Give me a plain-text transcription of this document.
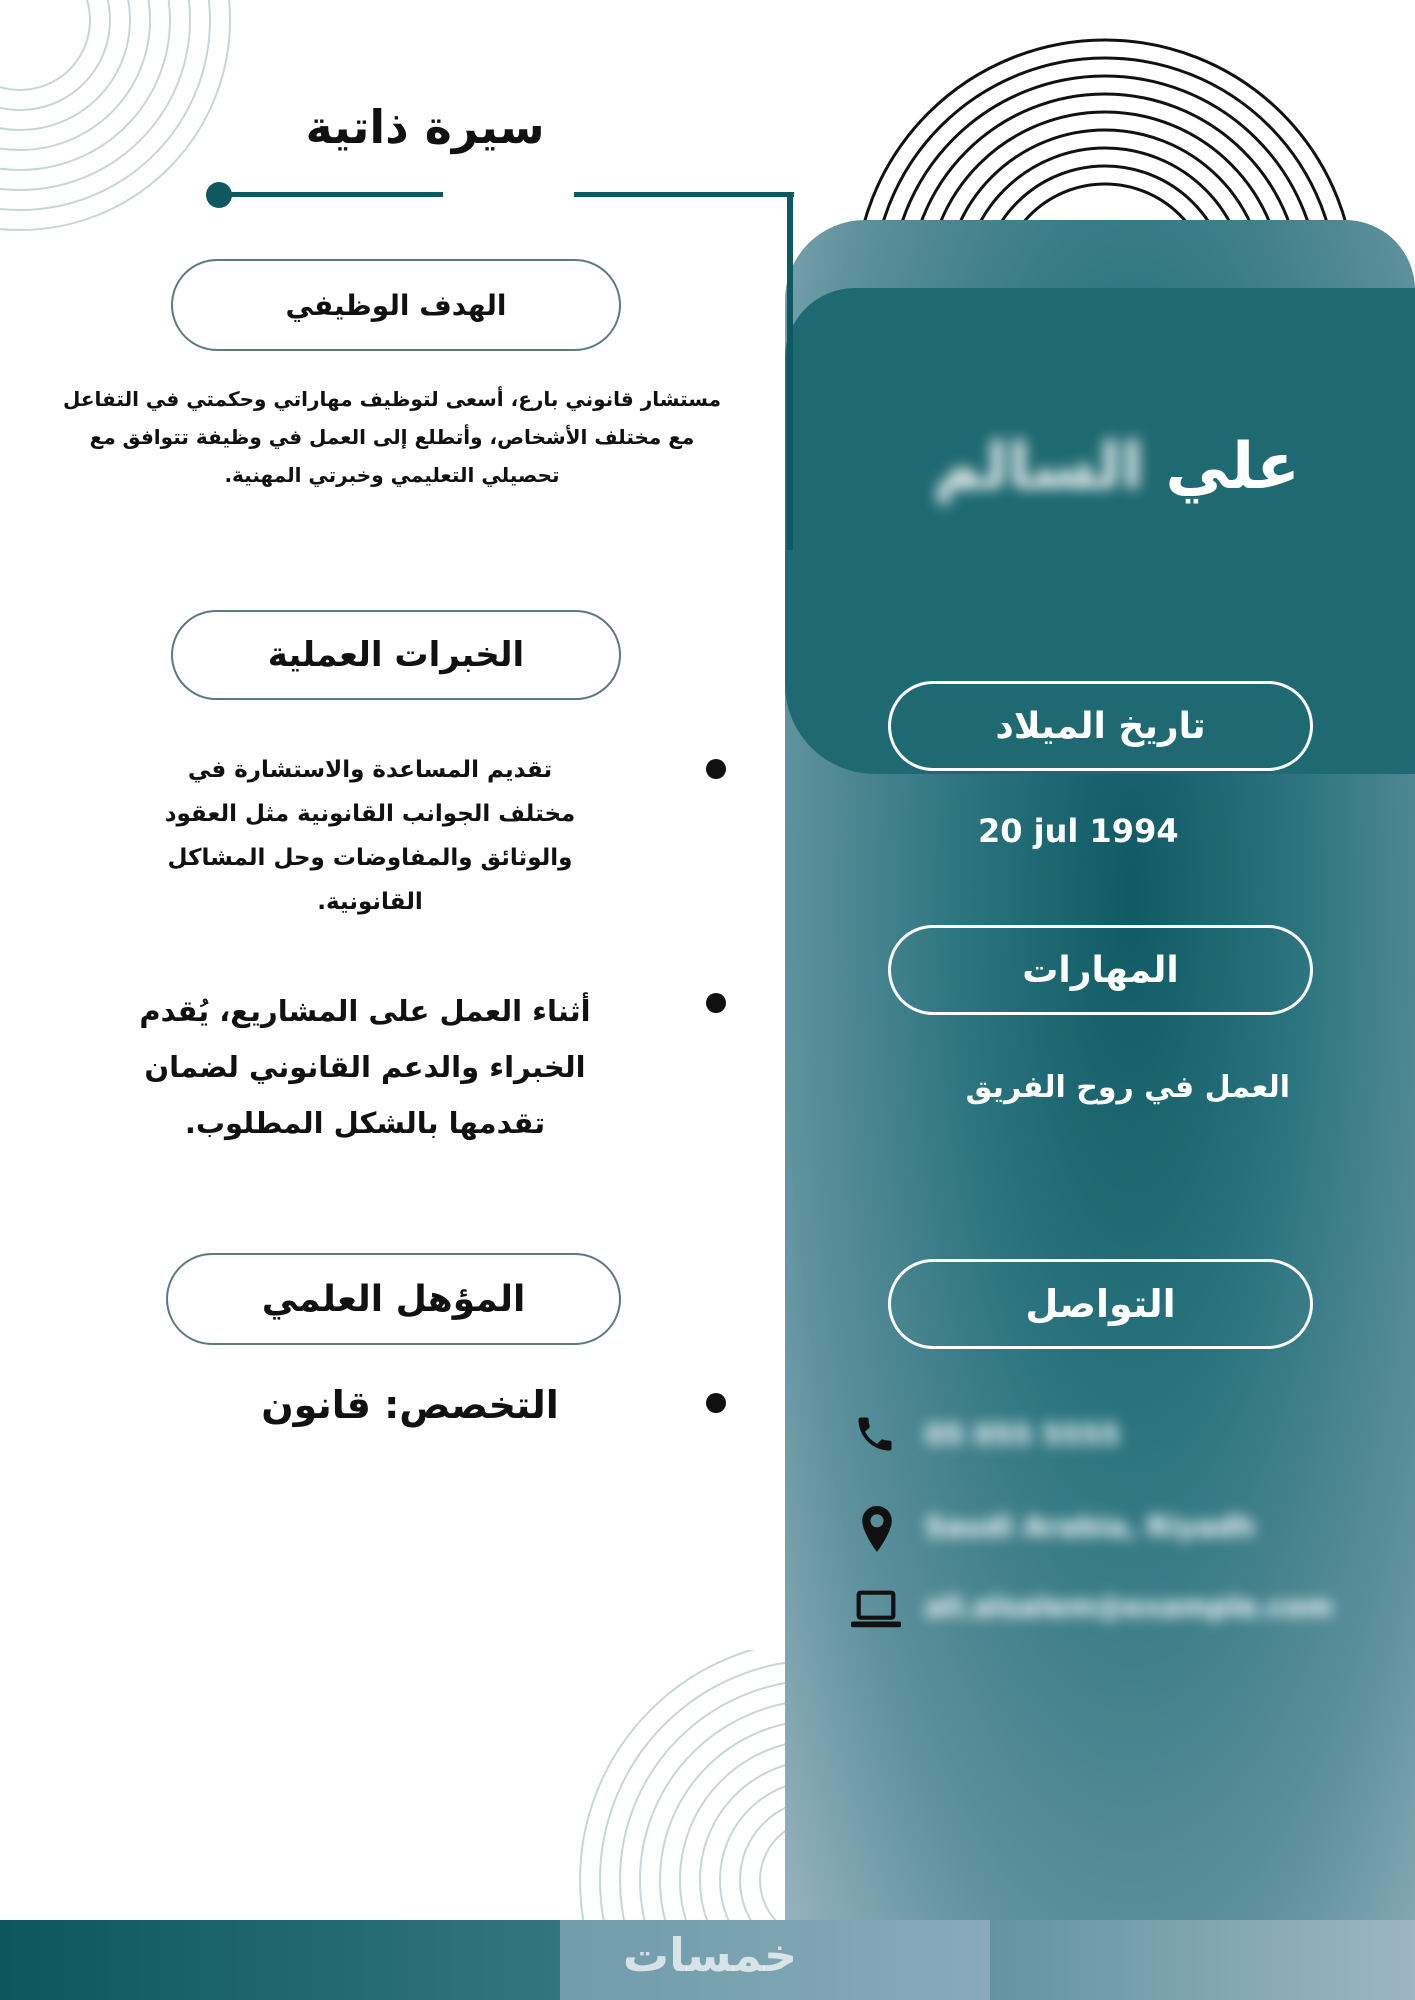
سيرة ذاتية
الهدف الوظيفي
مستشار قانوني بارع، أسعى لتوظيف مهاراتي وحكمتي في التفاعل مع مختلف الأشخاص، وأتطلع إلى العمل في وظيفة تتوافق مع تحصيلي التعليمي وخبرتي المهنية.
الخبرات العملية
تقديم المساعدة والاستشارة في مختلف الجوانب القانونية مثل العقود والوثائق والمفاوضات وحل المشاكل القانونية.
أثناء العمل على المشاريع، يُقدم الخبراء والدعم القانوني لضمان تقدمها بالشكل المطلوب.
المؤهل العلمي
التخصص: قانون
علي السالم
تاريخ الميلاد
20 jul 1994
المهارات
العمل في روح الفريق
التواصل
05 055 5555
Saudi Arabia, Riyadh
ali.alsalem@example.com
خمسات
